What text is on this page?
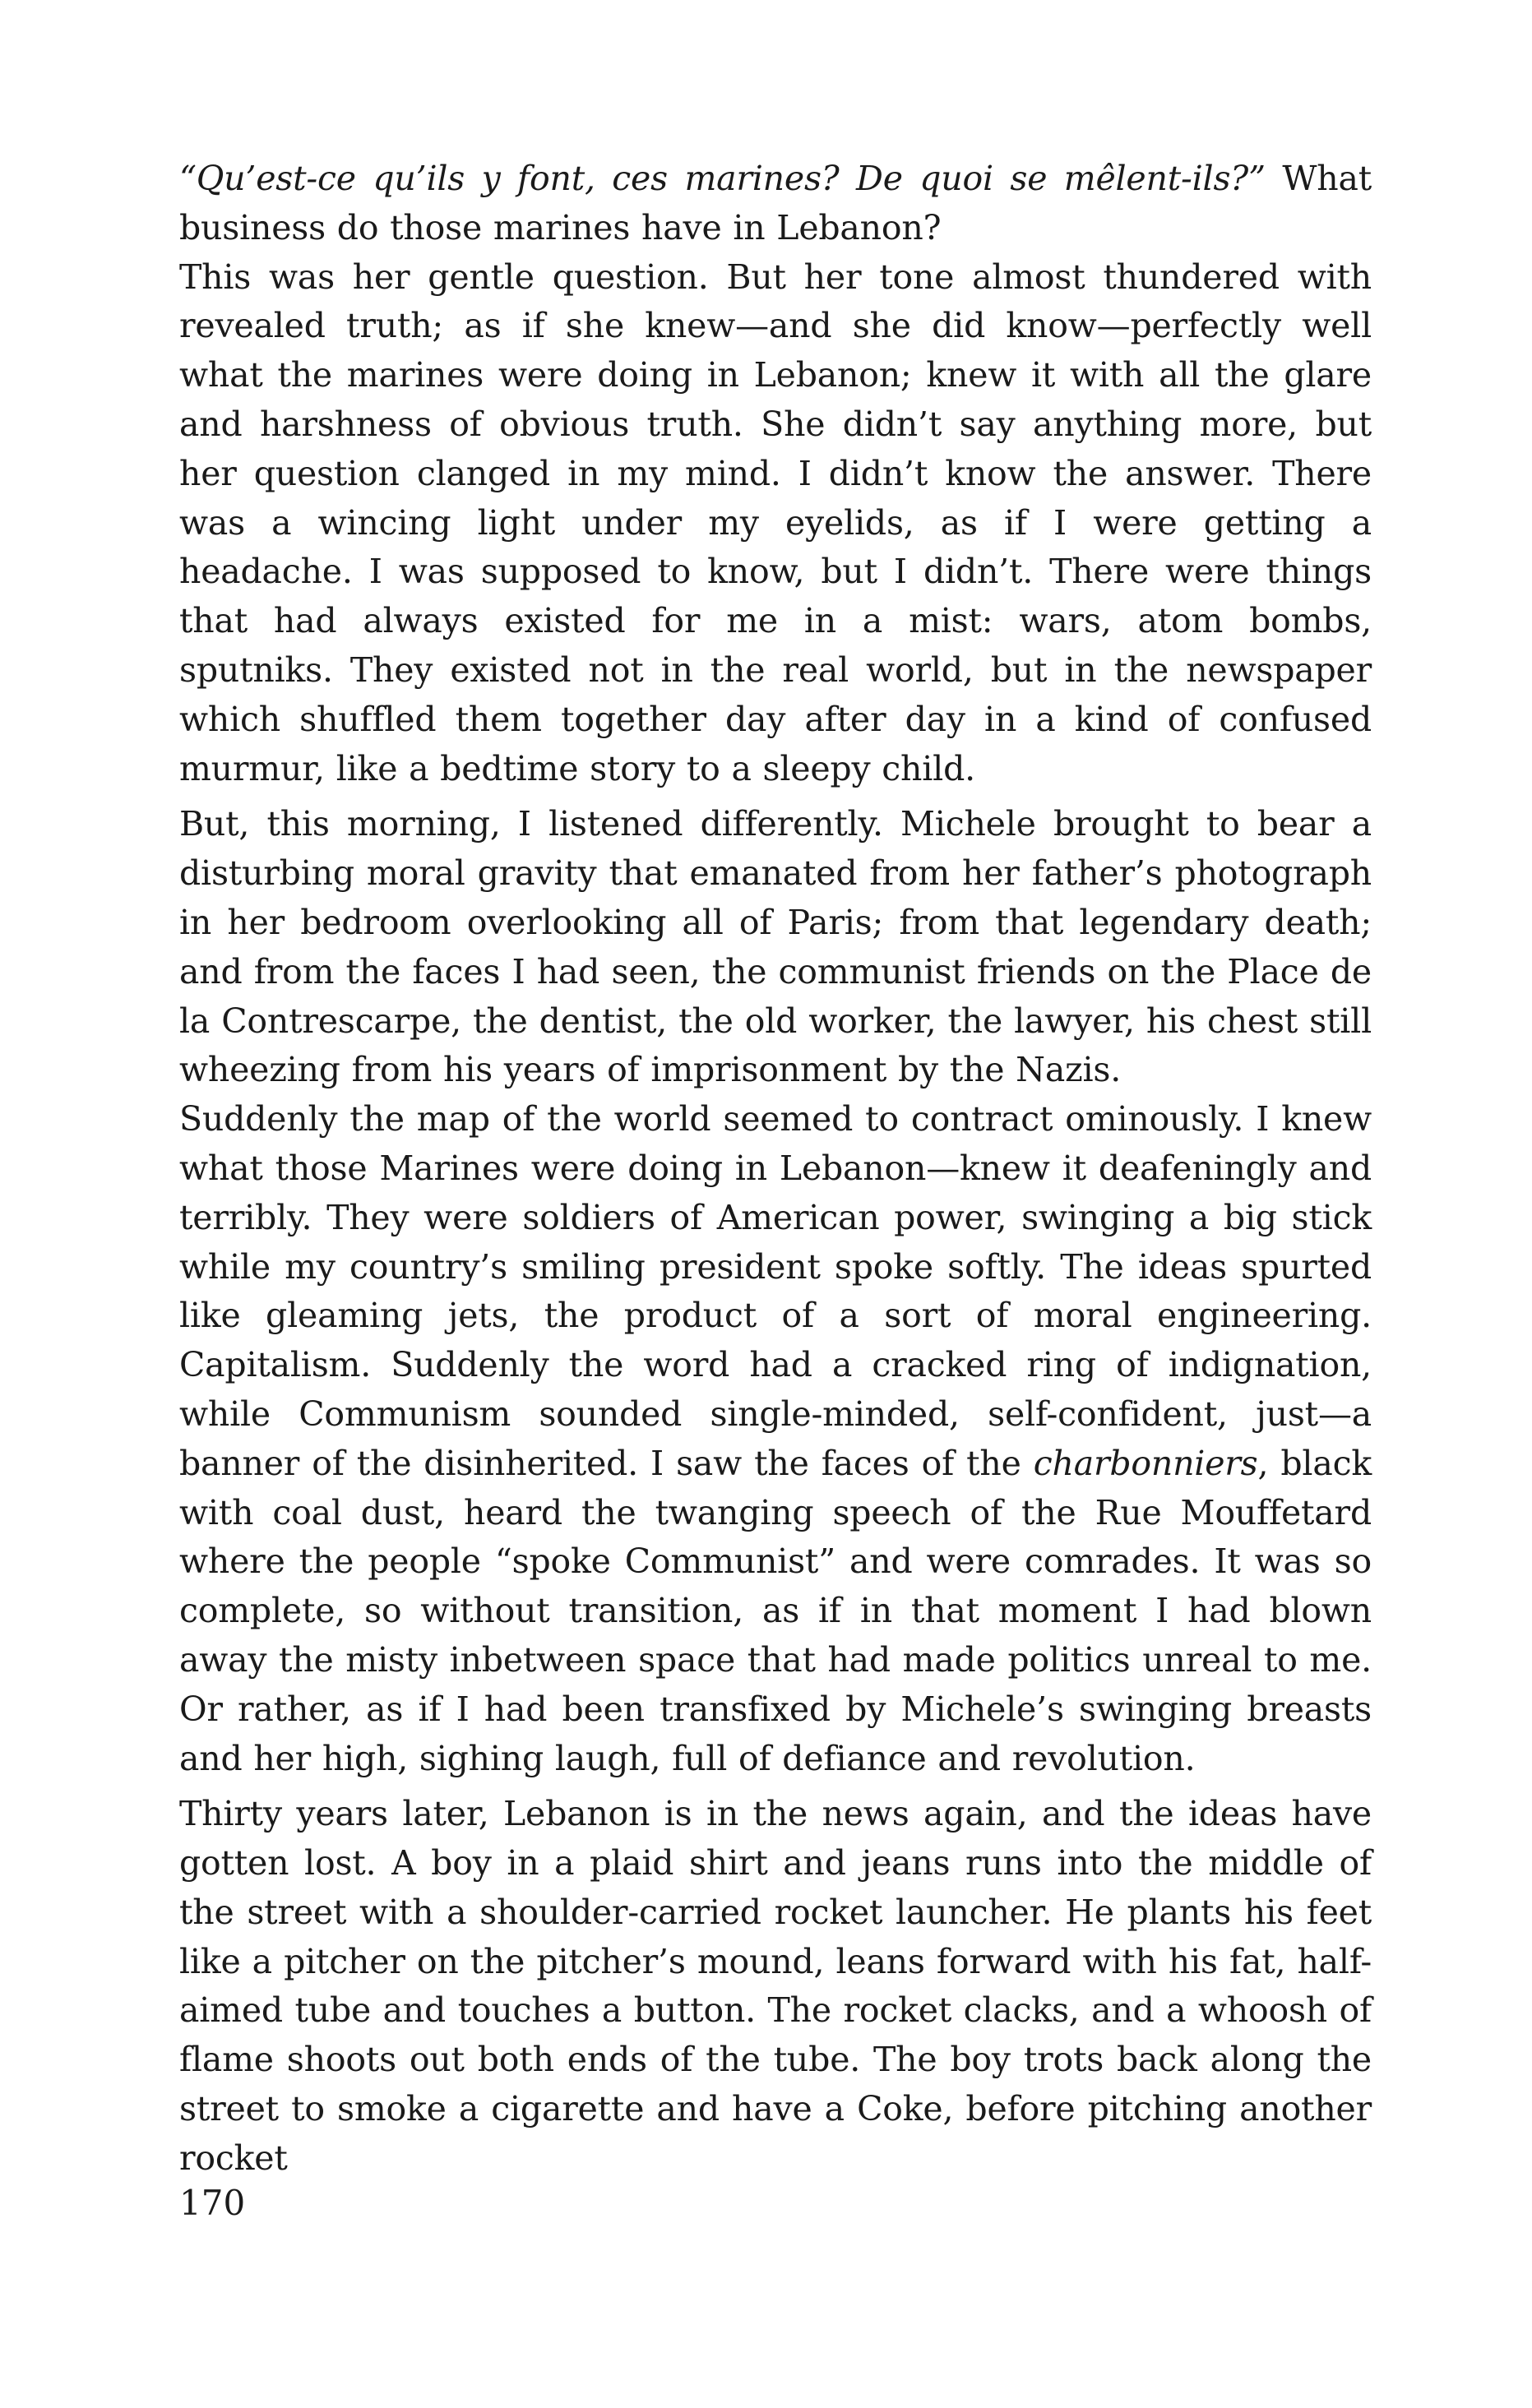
“Qu’est-ce qu’ils y font, ces marines? De quoi se mêlent-ils?” What business do those marines have in Lebanon?

This was her gentle question. But her tone almost thundered with revealed truth; as if she knew—and she did know—perfectly well what the marines were doing in Lebanon; knew it with all the glare and harshness of obvious truth. She didn’t say anything more, but her question clanged in my mind. I didn’t know the answer. There was a wincing light under my eyelids, as if I were getting a headache. I was supposed to know, but I didn’t. There were things that had always existed for me in a mist: wars, atom bombs, sputniks. They existed not in the real world, but in the newspaper which shuffled them together day after day in a kind of confused murmur, like a bedtime story to a sleepy child.

But, this morning, I listened differently. Michele brought to bear a disturbing moral gravity that emanated from her father’s photograph in her bedroom overlooking all of Paris; from that legendary death; and from the faces I had seen, the communist friends on the Place de la Contrescarpe, the dentist, the old worker, the lawyer, his chest still wheezing from his years of imprisonment by the Nazis.

Suddenly the map of the world seemed to contract ominously. I knew what those Marines were doing in Lebanon—knew it deafeningly and terribly. They were soldiers of American power, swinging a big stick while my country’s smiling president spoke softly. The ideas spurted like gleaming jets, the product of a sort of moral engineering. Capitalism. Suddenly the word had a cracked ring of indignation, while Communism sounded single-minded, self-confident, just—a banner of the disinherited. I saw the faces of the charbonniers, black with coal dust, heard the twanging speech of the Rue Mouffetard where the people “spoke Communist” and were comrades. It was so complete, so without transition, as if in that moment I had blown away the misty inbetween space that had made politics unreal to me. Or rather, as if I had been transfixed by Michele’s swinging breasts and her high, sighing laugh, full of defiance and revolution.

Thirty years later, Lebanon is in the news again, and the ideas have gotten lost. A boy in a plaid shirt and jeans runs into the middle of the street with a shoulder-carried rocket launcher. He plants his feet like a pitcher on the pitcher’s mound, leans forward with his fat, half-aimed tube and touches a button. The rocket clacks, and a whoosh of flame shoots out both ends of the tube. The boy trots back along the street to smoke a cigarette and have a Coke, before pitching another rocket

170
